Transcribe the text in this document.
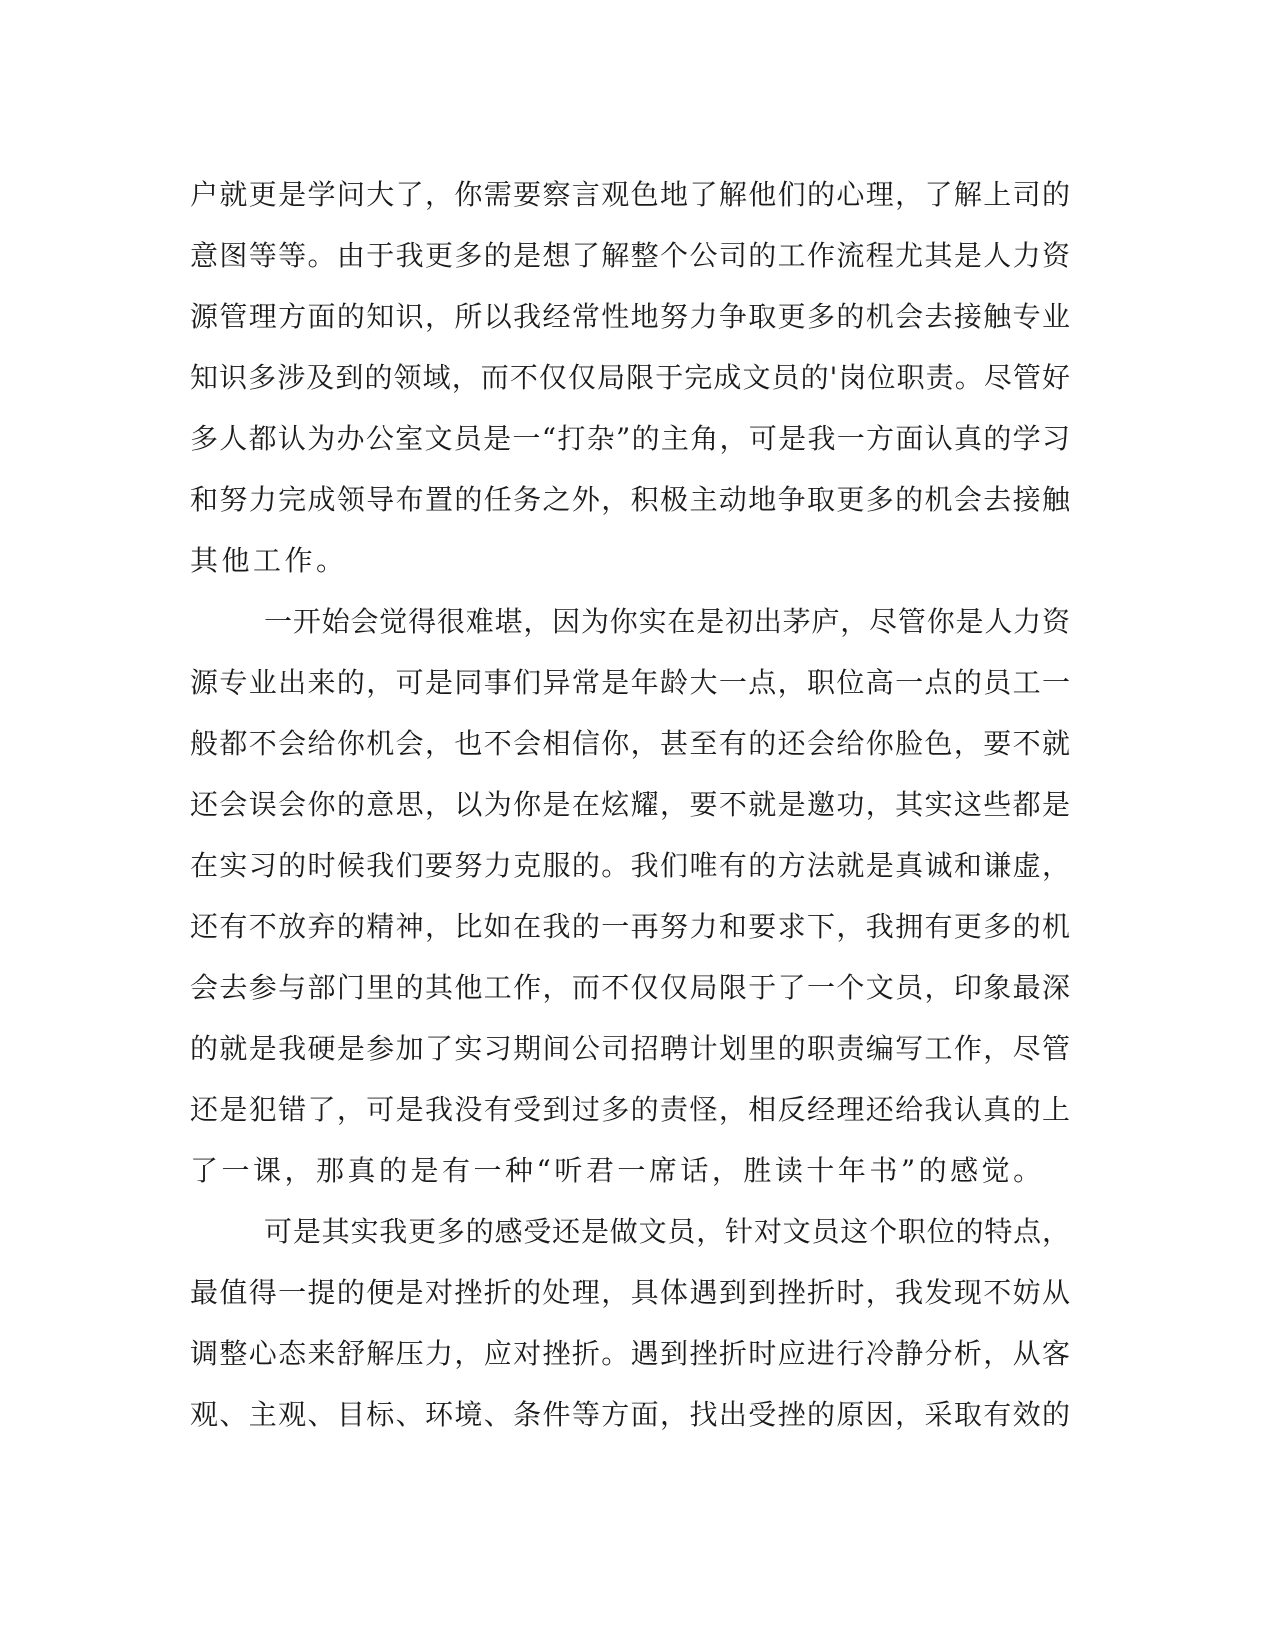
户就更是学问大了，你需要察言观色地了解他们的心理，了解上司的
意图等等。由于我更多的是想了解整个公司的工作流程尤其是人力资
源管理方面的知识，所以我经常性地努力争取更多的机会去接触专业
知识多涉及到的领域，而不仅仅局限于完成文员的'岗位职责。尽管好
多人都认为办公室文员是一“打杂”的主角，可是我一方面认真的学习
和努力完成领导布置的任务之外，积极主动地争取更多的机会去接触
其他工作。
一开始会觉得很难堪，因为你实在是初出茅庐，尽管你是人力资
源专业出来的，可是同事们异常是年龄大一点，职位高一点的员工一
般都不会给你机会，也不会相信你，甚至有的还会给你脸色，要不就
还会误会你的意思，以为你是在炫耀，要不就是邀功，其实这些都是
在实习的时候我们要努力克服的。我们唯有的方法就是真诚和谦虚，
还有不放弃的精神，比如在我的一再努力和要求下，我拥有更多的机
会去参与部门里的其他工作，而不仅仅局限于了一个文员，印象最深
的就是我硬是参加了实习期间公司招聘计划里的职责编写工作，尽管
还是犯错了，可是我没有受到过多的责怪，相反经理还给我认真的上
了一课，那真的是有一种“听君一席话，胜读十年书”的感觉。
可是其实我更多的感受还是做文员，针对文员这个职位的特点，
最值得一提的便是对挫折的处理，具体遇到到挫折时，我发现不妨从
调整心态来舒解压力，应对挫折。遇到挫折时应进行冷静分析，从客
观、主观、目标、环境、条件等方面，找出受挫的原因，采取有效的
